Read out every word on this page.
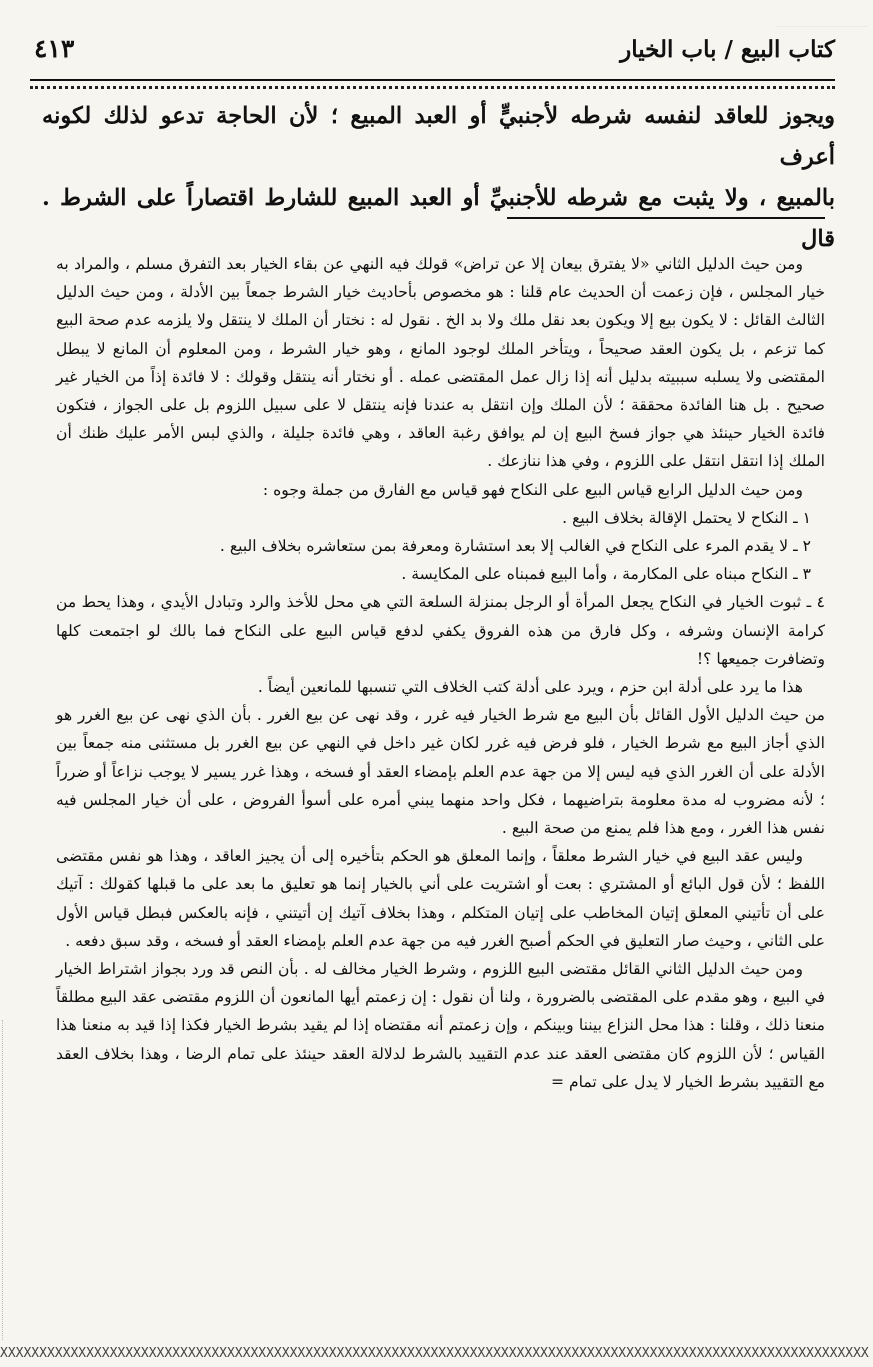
كتاب البيع / باب الخيار
٤١٣

ويجوز للعاقد لنفسه شرطه لأجنبيٍّ أو العبد المبيع ؛ لأن الحاجة تدعو لذلك لكونه أعرف

بالمبيع ، ولا يثبت مع شرطه للأجنبيِّ أو العبد المبيع للشارط اقتصاراً على الشرط . قال

ومن حيث الدليل الثاني «لا يفترق بيعان إلا عن تراض» قولك فيه النهي عن بقاء الخيار بعد التفرق مسلم ، والمراد به خيار المجلس ، فإن زعمت أن الحديث عام قلنا : هو مخصوص بأحاديث خيار الشرط جمعاً بين الأدلة ، ومن حيث الدليل الثالث القائل : لا يكون بيع إلا ويكون بعد نقل ملك ولا بد الخ . نقول له : نختار أن الملك لا ينتقل ولا يلزمه عدم صحة البيع كما تزعم ، بل يكون العقد صحيحاً ، ويتأخر الملك لوجود المانع ، وهو خيار الشرط ، ومن المعلوم أن المانع لا يبطل المقتضى ولا يسلبه سببيته بدليل أنه إذا زال عمل المقتضى عمله . أو نختار أنه ينتقل وقولك : لا فائدة إذاً من الخيار غير صحيح . بل هنا الفائدة محققة ؛ لأن الملك وإن انتقل به عندنا فإنه ينتقل لا على سبيل اللزوم بل على الجواز ، فتكون فائدة الخيار حينئذ هي جواز فسخ البيع إن لم يوافق رغبة العاقد ، وهي فائدة جليلة ، والذي لبس الأمر عليك ظنك أن الملك إذا انتقل انتقل على اللزوم ، وفي هذا ننازعك .

ومن حيث الدليل الرابع قياس البيع على النكاح فهو قياس مع الفارق من جملة وجوه :

١ ـ النكاح لا يحتمل الإقالة بخلاف البيع .

٢ ـ لا يقدم المرء على النكاح في الغالب إلا بعد استشارة ومعرفة بمن ستعاشره بخلاف البيع .

٣ ـ النكاح مبناه على المكارمة ، وأما البيع فمبناه على المكايسة .

٤ ـ ثبوت الخيار في النكاح يجعل المرأة أو الرجل بمنزلة السلعة التي هي محل للأخذ والرد وتبادل الأيدي ، وهذا يحط من كرامة الإنسان وشرفه ، وكل فارق من هذه الفروق يكفي لدفع قياس البيع على النكاح فما بالك لو اجتمعت كلها وتضافرت جميعها ؟!

هذا ما يرد على أدلة ابن حزم ، ويرد على أدلة كتب الخلاف التي تنسبها للمانعين أيضاً .

من حيث الدليل الأول القائل بأن البيع مع شرط الخيار فيه غرر ، وقد نهى عن بيع الغرر . بأن الذي نهى عن بيع الغرر هو الذي أجاز البيع مع شرط الخيار ، فلو فرض فيه غرر لكان غير داخل في النهي عن بيع الغرر بل مستثنى منه جمعاً بين الأدلة على أن الغرر الذي فيه ليس إلا من جهة عدم العلم بإمضاء العقد أو فسخه ، وهذا غرر يسير لا يوجب نزاعاً أو ضرراً ؛ لأنه مضروب له مدة معلومة بتراضيهما ، فكل واحد منهما يبني أمره على أسوأ الفروض ، على أن خيار المجلس فيه نفس هذا الغرر ، ومع هذا فلم يمنع من صحة البيع .

وليس عقد البيع في خيار الشرط معلقاً ، وإنما المعلق هو الحكم بتأخيره إلى أن يجيز العاقد ، وهذا هو نفس مقتضى اللفظ ؛ لأن قول البائع أو المشتري : بعت أو اشتريت على أني بالخيار إنما هو تعليق ما بعد على ما قبلها كقولك : آتيك على أن تأتيني المعلق إتيان المخاطب على إتيان المتكلم ، وهذا بخلاف آتيك إن أتيتني ، فإنه بالعكس فبطل قياس الأول على الثاني ، وحيث صار التعليق في الحكم أصبح الغرر فيه من جهة عدم العلم بإمضاء العقد أو فسخه ، وقد سبق دفعه .

ومن حيث الدليل الثاني القائل مقتضى البيع اللزوم ، وشرط الخيار مخالف له . بأن النص قد ورد بجواز اشتراط الخيار في البيع ، وهو مقدم على المقتضى بالضرورة ، ولنا أن نقول : إن زعمتم أيها المانعون أن اللزوم مقتضى عقد البيع مطلقاً منعنا ذلك ، وقلنا : هذا محل النزاع بيننا وبينكم ، وإن زعمتم أنه مقتضاه إذا لم يقيد بشرط الخيار فكذا إذا قيد به منعنا هذا القياس ؛ لأن اللزوم كان مقتضى العقد عند عدم التقييد بالشرط لدلالة العقد حينئذ على تمام الرضا ، وهذا بخلاف العقد مع التقييد بشرط الخيار لا يدل على تمام =

XXXXXXXXXXXXXXXXXXXXXXXXXXXXXXXXXXXXXXXXXXXXXXXXXXXXXXXXXXXXXXXXXXXXXXXXXXXXXXXXXXXXXXXXXXXXXXXXXXXXXXXXXXXXXXX
